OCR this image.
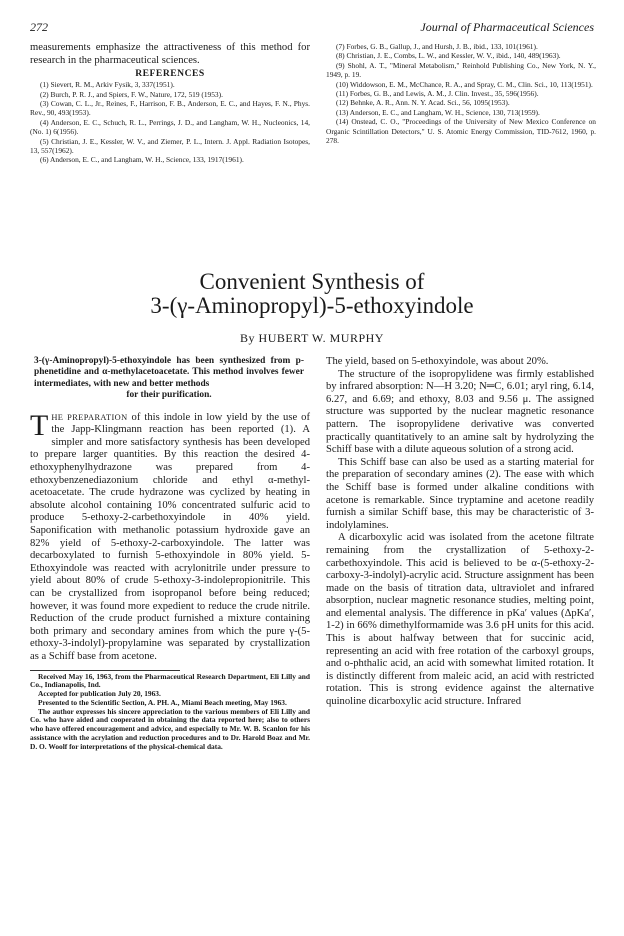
272	Journal of Pharmaceutical Sciences

measurements emphasize the attractiveness of this method for research in the pharmaceutical sciences.

REFERENCES

(1) Sievert, R. M., Arkiv Fysik, 3, 337(1951).

(2) Burch, P. R. J., and Spiers, F. W., Nature, 172, 519 (1953).

(3) Cowan, C. L., Jr., Reines, F., Harrison, F. B., Anderson, E. C., and Hayes, F. N., Phys. Rev., 90, 493(1953).

(4) Anderson, E. C., Schuch, R. L., Perrings, J. D., and Langham, W. H., Nucleonics, 14, (No. 1) 6(1956).

(5) Christian, J. E., Kessler, W. V., and Ziemer, P. L., Intern. J. Appl. Radiation Isotopes, 13, 557(1962).

(6) Anderson, E. C., and Langham, W. H., Science, 133, 1917(1961).

(7) Forbes, G. B., Gallup, J., and Hursh, J. B., ibid., 133, 101(1961).

(8) Christian, J. E., Combs, L. W., and Kessler, W. V., ibid., 140, 489(1963).

(9) Shohl, A. T., "Mineral Metabolism," Reinhold Publishing Co., New York, N. Y., 1949, p. 19.

(10) Widdowson, E. M., McChance, R. A., and Spray, C. M., Clin. Sci., 10, 113(1951).

(11) Forbes, G. B., and Lewis, A. M., J. Clin. Invest., 35, 596(1956).

(12) Behnke, A. R., Ann. N. Y. Acad. Sci., 56, 1095(1953).

(13) Anderson, E. C., and Langham, W. H., Science, 130, 713(1959).

(14) Onstead, C. O., "Proceedings of the University of New Mexico Conference on Organic Scintillation Detectors," U. S. Atomic Energy Commission, TID-7612, 1960, p. 278.

Convenient Synthesis of
3-(γ-Aminopropyl)-5-ethoxyindole
By HUBERT W. MURPHY

3-(γ-Aminopropyl)-5-ethoxyindole has been synthesized from p-phenetidine and α-methylacetoacetate. This method involves fewer intermediates, with new and better methods
for their purification.

THE PREPARATION of this indole in low yield by the use of the Japp-Klingmann reaction has been reported (1). A simpler and more satisfactory synthesis has been developed to prepare larger quantities. By this reaction the desired 4-ethoxyphenylhydrazone was prepared from 4-ethoxybenzenediazonium chloride and ethyl α-methyl-acetoacetate. The crude hydrazone was cyclized by heating in absolute alcohol containing 10% concentrated sulfuric acid to produce 5-ethoxy-2-carbethoxyindole in 40% yield. Saponification with methanolic potassium hydroxide gave an 82% yield of 5-ethoxy-2-carboxyindole. The latter was decarboxylated to furnish 5-ethoxyindole in 80% yield. 5-Ethoxyindole was reacted with acrylonitrile under pressure to yield about 80% of crude 5-ethoxy-3-indolepropionitrile. This can be crystallized from isopropanol before being reduced; however, it was found more expedient to reduce the crude nitrile. Reduction of the crude product furnished a mixture containing both primary and secondary amines from which the pure γ-(5-ethoxy-3-indolyl)-propylamine was separated by crystallization as a Schiff base from acetone.

Received May 16, 1963, from the Pharmaceutical Research Department, Eli Lilly and Co., Indianapolis, Ind.

Accepted for publication July 20, 1963.

Presented to the Scientific Section, A. PH. A., Miami Beach meeting, May 1963.

The author expresses his sincere appreciation to the various members of Eli Lilly and Co. who have aided and cooperated in obtaining the data reported here; also to others who have offered encouragement and advice, and especially to Mr. W. B. Scanlon for his assistance with the acrylation and reduction procedures and to Dr. Harold Boaz and Mr. D. O. Woolf for interpretations of the physical-chemical data.

The yield, based on 5-ethoxyindole, was about 20%.

The structure of the isopropylidene was firmly established by infrared absorption: N—H 3.20; N═C, 6.01; aryl ring, 6.14, 6.27, and 6.69; and ethoxy, 8.03 and 9.56 μ. The assigned structure was supported by the nuclear magnetic resonance pattern. The isopropylidene derivative was converted practically quantitatively to an amine salt by hydrolyzing the Schiff base with a dilute aqueous solution of a strong acid.

This Schiff base can also be used as a starting material for the preparation of secondary amines (2). The ease with which the Schiff base is formed under alkaline conditions with acetone is remarkable. Since tryptamine and acetone readily furnish a similar Schiff base, this may be characteristic of 3-indolylamines.

A dicarboxylic acid was isolated from the acetone filtrate remaining from the crystallization of 5-ethoxy-2-carbethoxyindole. This acid is believed to be α-(5-ethoxy-2-carboxy-3-indolyl)-acrylic acid. Structure assignment has been made on the basis of titration data, ultraviolet and infrared absorption, nuclear magnetic resonance studies, melting point, and elemental analysis. The difference in pKa′ values (ΔpKa′, 1-2) in 66% dimethylformamide was 3.6 pH units for this acid. This is about halfway between that for succinic acid, representing an acid with free rotation of the carboxyl groups, and o-phthalic acid, an acid with somewhat limited rotation. It is distinctly different from maleic acid, an acid with restricted rotation. This is strong evidence against the alternative quinoline dicarboxylic acid structure. Infrared
